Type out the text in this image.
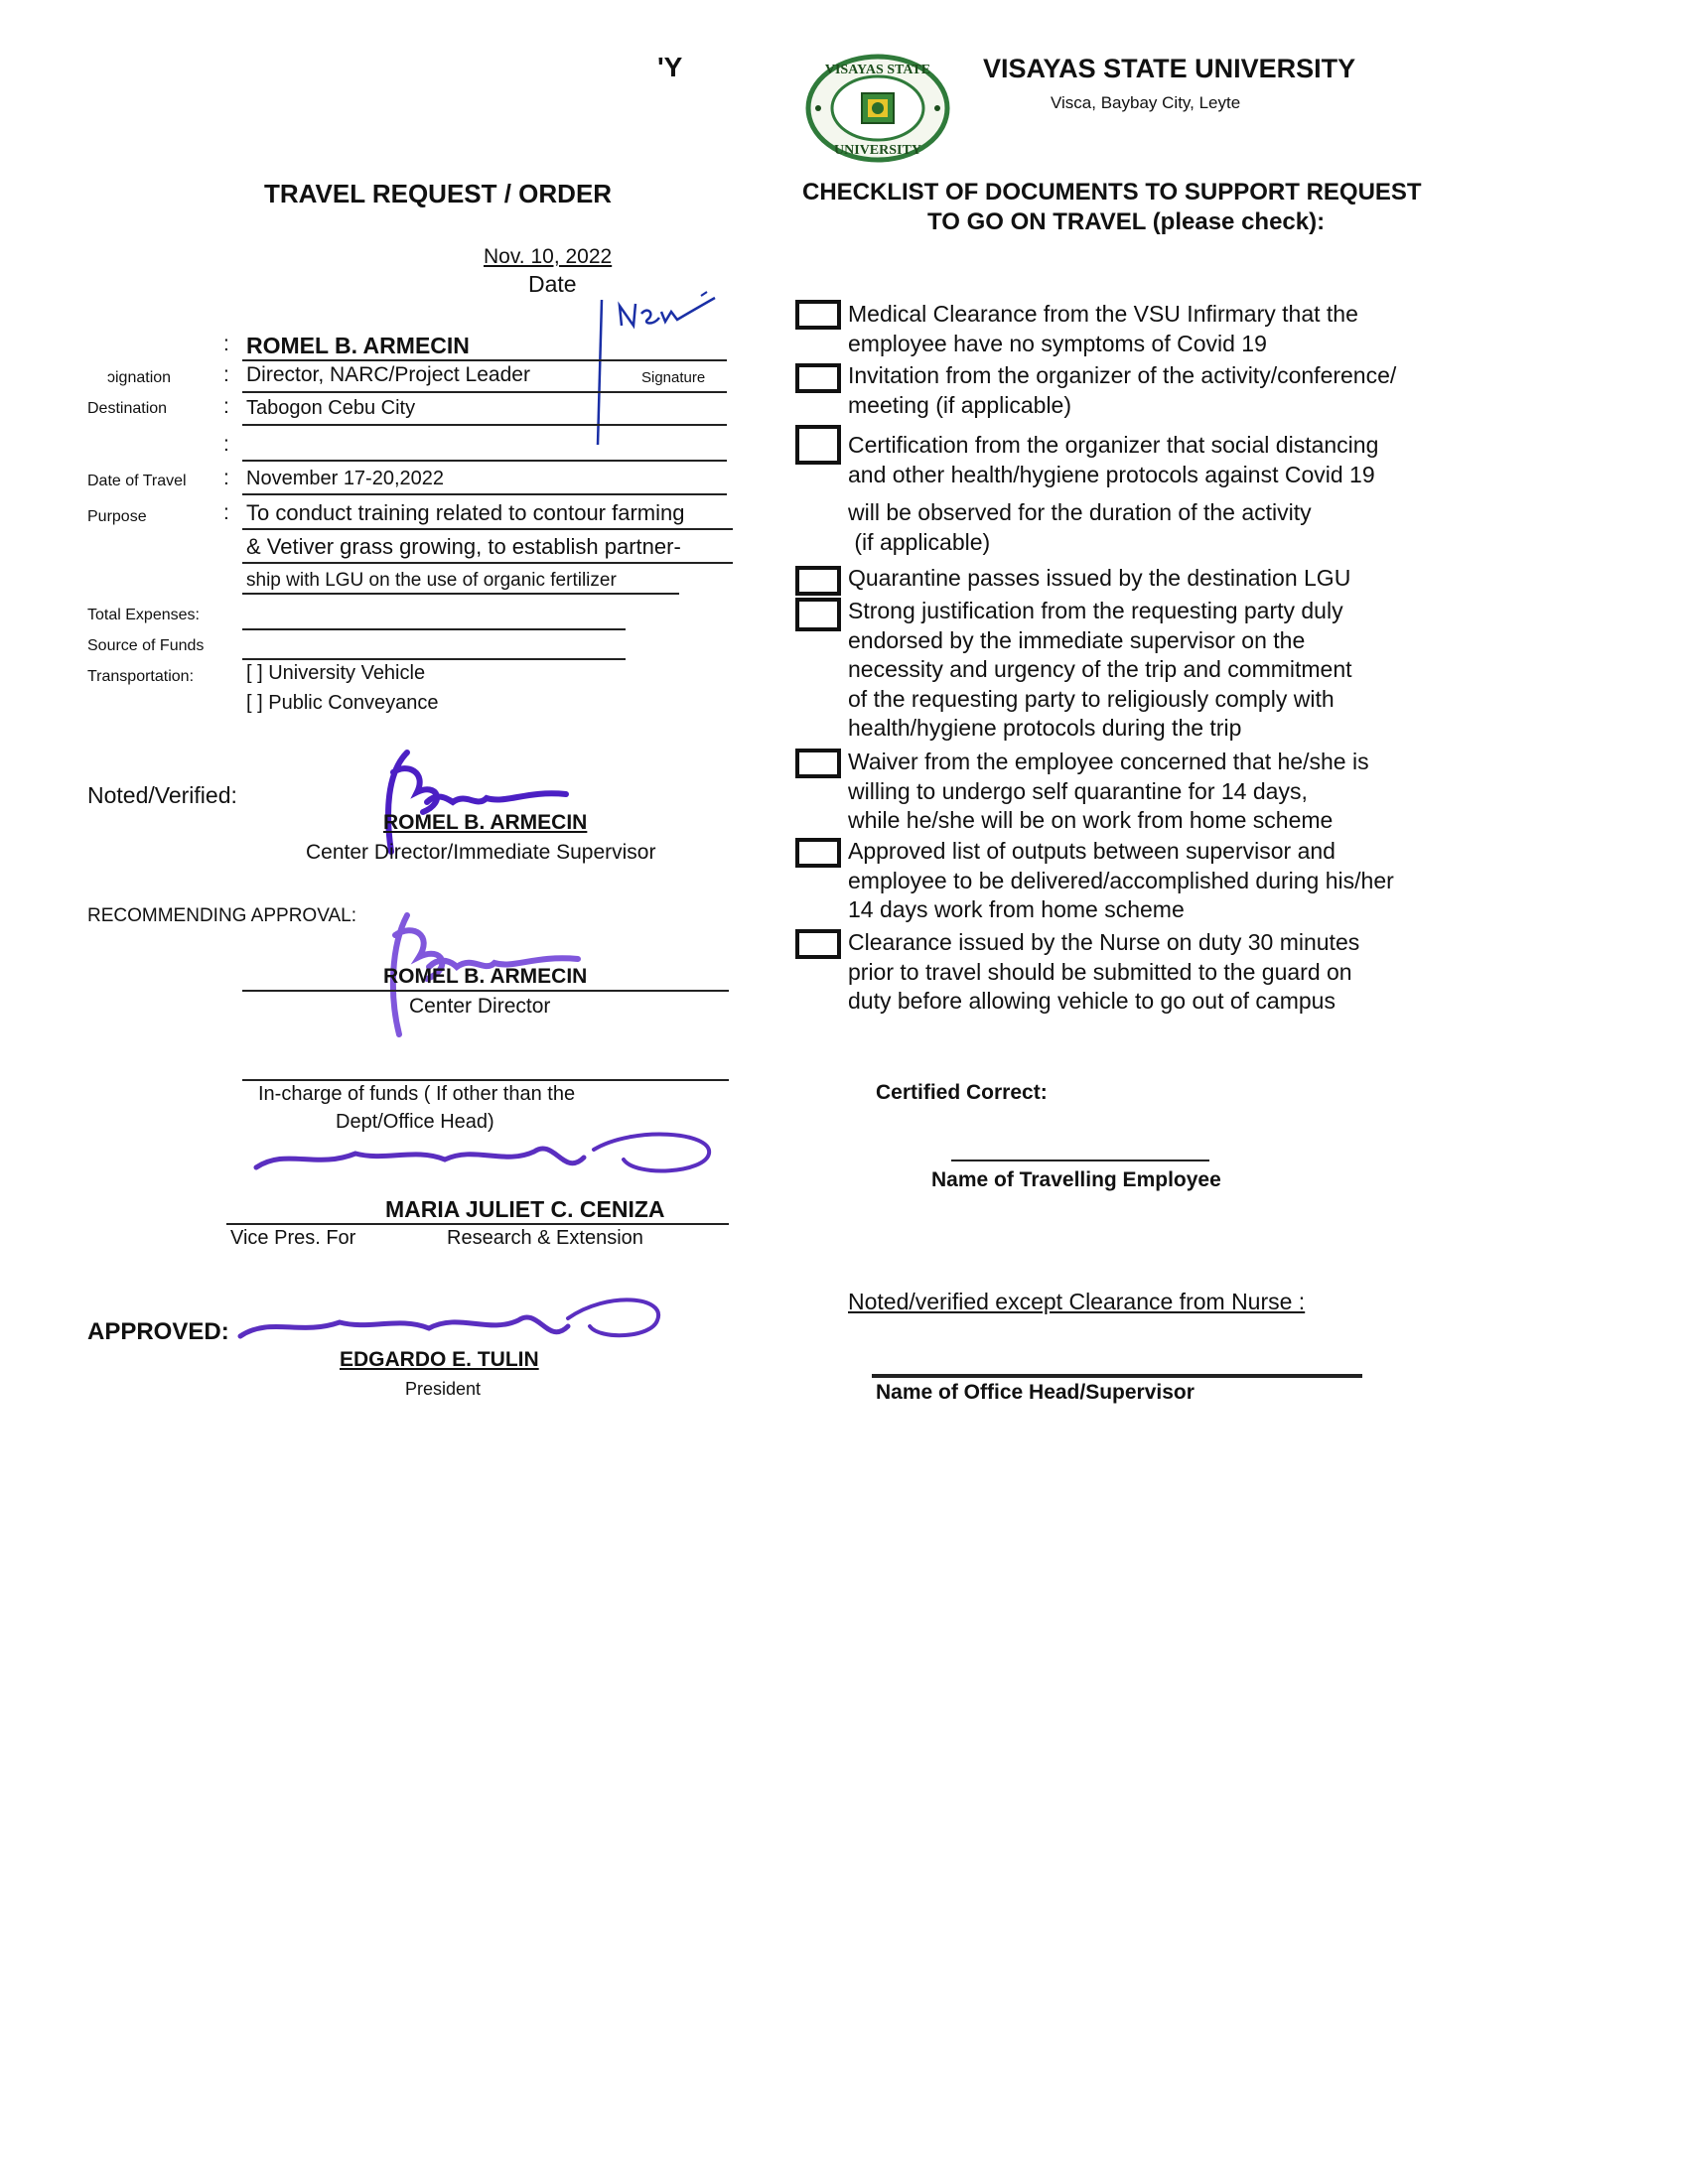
'Y	VISAYAS STATE
UNIVERSITY
VISAYAS STATE UNIVERSITY
Visca, Baybay City, Leyte
TRAVEL REQUEST / ORDER
Nov. 10, 2022
Date
: ROMEL B. ARMECIN
ɔignation	: Director, NARC/Project Leader	Signature
Destination	: Tabogon Cebu City
:
Date of Travel : November 17-20,2022
Purpose	: To conduct training related to contour farming
& Vetiver grass growing, to establish partner-
ship with LGU on the use of organic fertilizer
Total Expenses:
Source of Funds
Transportation:	[ ] University Vehicle
[ ] Public Conveyance
Noted/Verified:
ROMEL B. ARMECIN
Center Director/Immediate Supervisor
RECOMMENDING APPROVAL:
ROMEL B. ARMECIN
Center Director
In-charge of funds ( If other than the
Dept/Office Head)
MARIA JULIET C. CENIZA
Vice Pres. For	Research & Extension
APPROVED:
EDGARDO E. TULIN
President
CHECKLIST OF DOCUMENTS TO SUPPORT REQUEST
TO GO ON TRAVEL (please check):
Medical Clearance from the VSU Infirmary that the
employee have no symptoms of Covid 19
Invitation from the organizer of the activity/conference/
meeting (if applicable)
Certification from the organizer that social distancing
and other health/hygiene protocols against Covid 19
will be observed for the duration of the activity
(if applicable)
Quarantine passes issued by the destination LGU
Strong justification from the requesting party duly
endorsed by the immediate supervisor on the
necessity and urgency of the trip and commitment
of the requesting party to religiously comply with
health/hygiene protocols during the trip
Waiver from the employee concerned that he/she is
willing to undergo self quarantine for 14 days,
while he/she will be on work from home scheme
Approved list of outputs between supervisor and
employee to be delivered/accomplished during his/her
14 days work from home scheme
Clearance issued by the Nurse on duty 30 minutes
prior to travel should be submitted to the guard on
duty before allowing vehicle to go out of campus
Certified Correct:
Name of Travelling Employee
Noted/verified except Clearance from Nurse :
Name of Office Head/Supervisor
